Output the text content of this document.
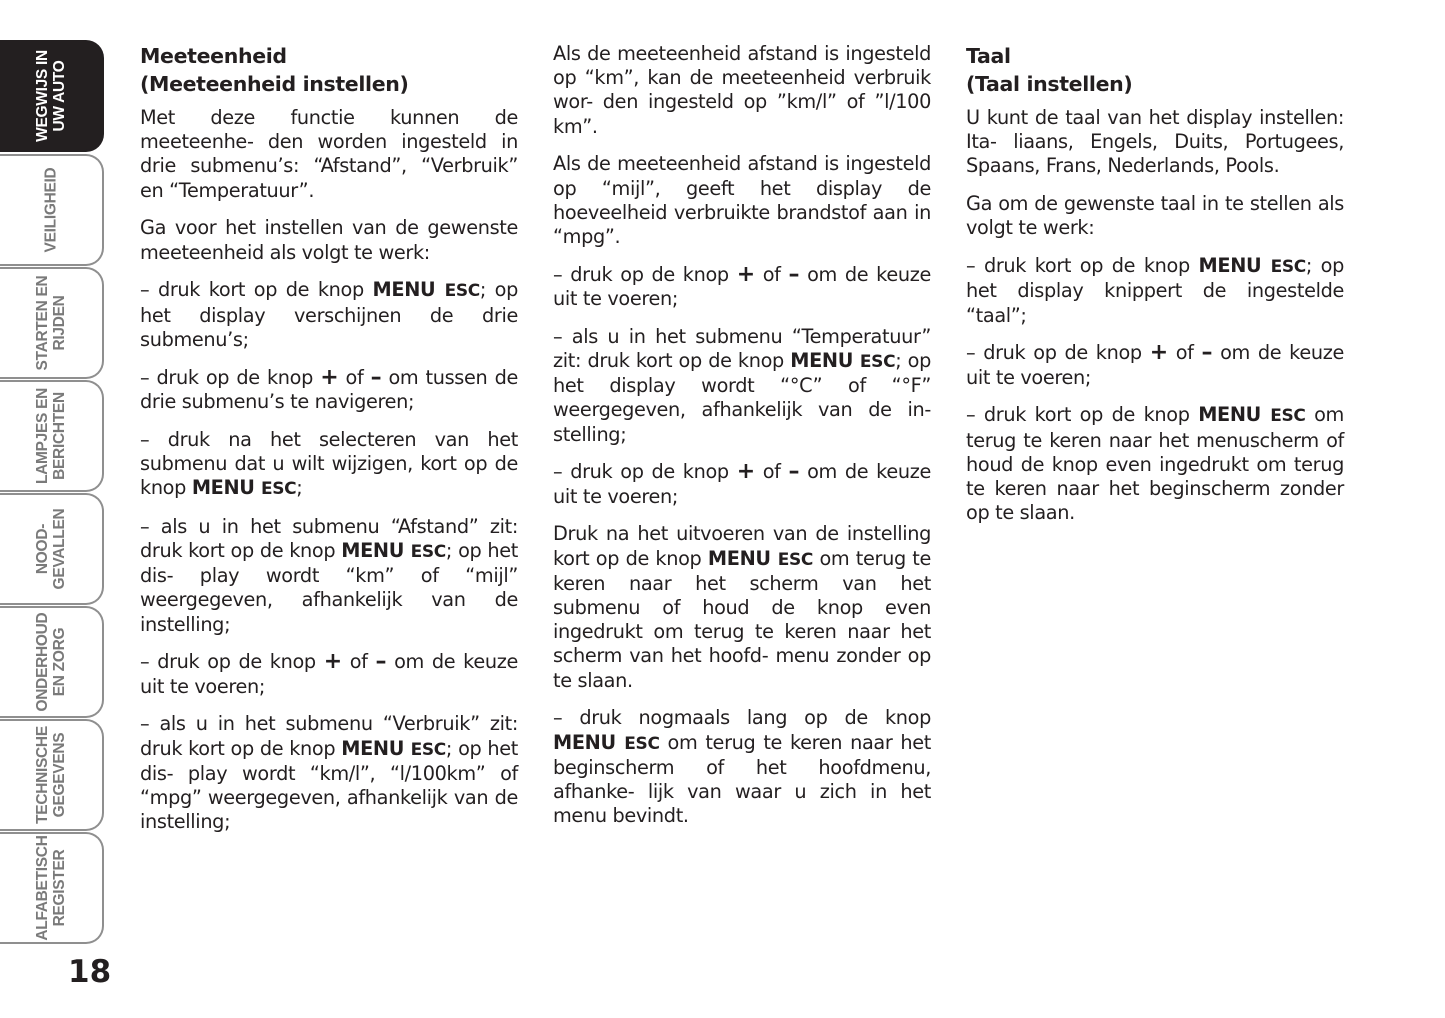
WEGWIJS IN UW AUTO
VEILIGHEID
STARTEN EN RIJDEN
LAMPJES EN BERICHTEN
NOOD- GEVALLEN
ONDERHOUD EN ZORG
TECHNISCHE GEGEVENS
ALFABETISCH REGISTER
18
Meeteenheid
(Meeteenheid instellen)

Met deze functie kunnen de meeteenhe- den worden ingesteld in drie submenu’s: “Afstand”, “Verbruik” en “Temperatuur”.

Ga voor het instellen van de gewenste meeteenheid als volgt te werk:

– druk kort op de knop MENU ESC; op het display verschijnen de drie submenu’s;

– druk op de knop + of – om tussen de drie submenu’s te navigeren;

– druk na het selecteren van het submenu dat u wilt wijzigen, kort op de knop MENU ESC;

– als u in het submenu “Afstand” zit: druk kort op de knop MENU ESC; op het dis- play wordt “km” of “mijl” weergegeven, afhankelijk van de instelling;

– druk op de knop + of – om de keuze uit te voeren;

– als u in het submenu “Verbruik” zit: druk kort op de knop MENU ESC; op het dis- play wordt “km/l”, “l/100km” of “mpg” weergegeven, afhankelijk van de instelling;

Als de meeteenheid afstand is ingesteld op “km”, kan de meeteenheid verbruik wor- den ingesteld op ”km/l” of ”l/100 km”.

Als de meeteenheid afstand is ingesteld op “mijl”, geeft het display de hoeveelheid verbruikte brandstof aan in “mpg”.

– druk op de knop + of – om de keuze uit te voeren;

– als u in het submenu “Temperatuur” zit: druk kort op de knop MENU ESC; op het display wordt “°C” of “°F” weergegeven, afhankelijk van de in- stelling;

– druk op de knop + of – om de keuze uit te voeren;

Druk na het uitvoeren van de instelling kort op de knop MENU ESC om terug te keren naar het scherm van het submenu of houd de knop even ingedrukt om terug te keren naar het scherm van het hoofd- menu zonder op te slaan.

– druk nogmaals lang op de knop MENU ESC om terug te keren naar het beginscherm of het hoofdmenu, afhanke- lijk van waar u zich in het menu bevindt.

Taal
(Taal instellen)

U kunt de taal van het display instellen: Ita- liaans, Engels, Duits, Portugees, Spaans, Frans, Nederlands, Pools.

Ga om de gewenste taal in te stellen als volgt te werk:

– druk kort op de knop MENU ESC; op het display knippert de ingestelde “taal”;

– druk op de knop + of – om de keuze uit te voeren;

– druk kort op de knop MENU ESC om terug te keren naar het menuscherm of houd de knop even ingedrukt om terug te keren naar het beginscherm zonder op te slaan.
